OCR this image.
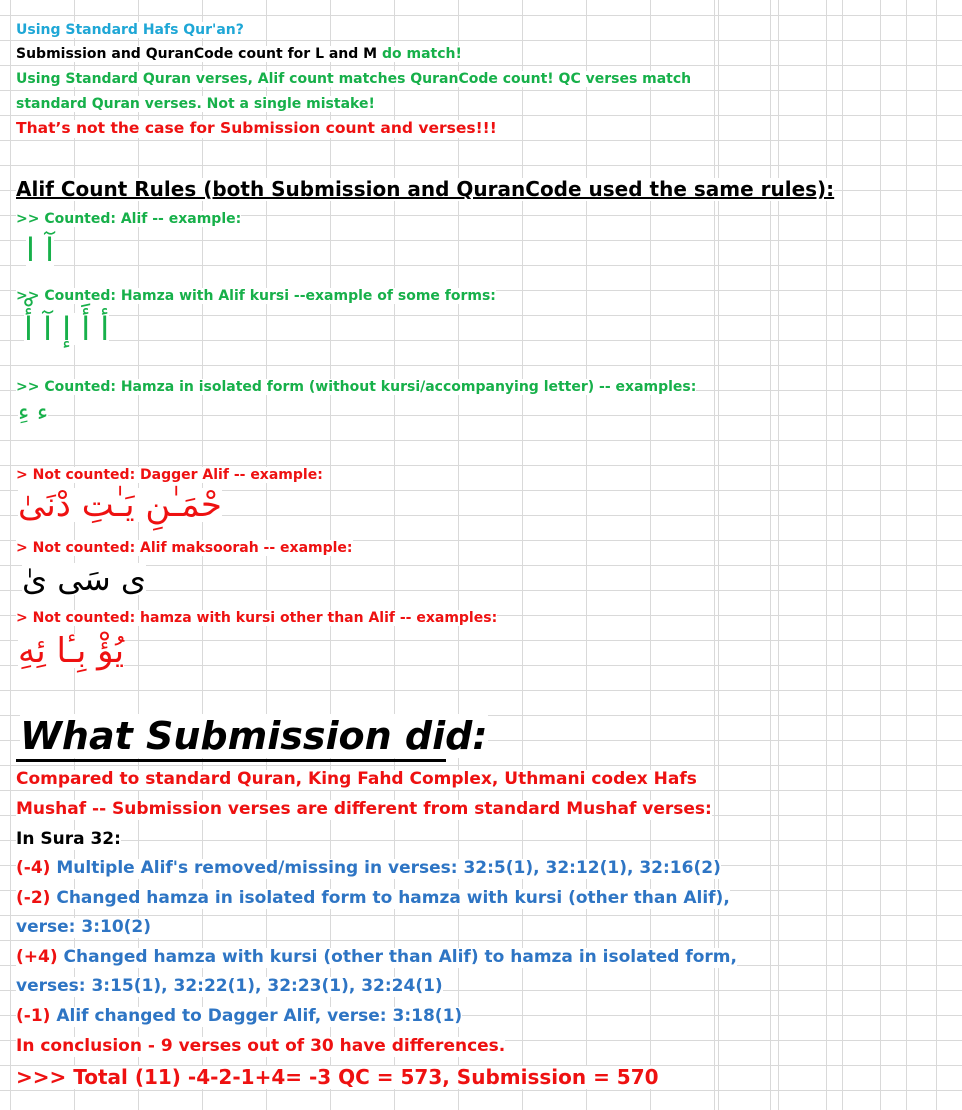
Using Standard Hafs Qur'an?
Submission and QuranCode count for L and M do match!
Using Standard Quran verses, Alif count matches QuranCode count! QC verses match
standard Quran verses. Not a single mistake!
That’s not the case for Submission count and verses!!!
Alif Count Rules (both Submission and QuranCode used the same rules):
>> Counted: Alif -- example:
آ ا
>> Counted: Hamza with Alif kursi --example of some forms:
أ أَ إ آ أْ
>> Counted: Hamza in isolated form (without kursi/accompanying letter) -- examples:
ء ءِ
> Not counted: Dagger Alif -- example:
حْمَـٰنِ يَـٰتِ دْنَىٰ
> Not counted: Alif maksoorah -- example:
ى سَى ىٰ
> Not counted: hamza with kursi other than Alif -- examples:
يُؤْ بِـٔا ئِهِ
What Submission did:
Compared to standard Quran, King Fahd Complex, Uthmani codex Hafs
Mushaf -- Submission verses are different from standard Mushaf verses:
In Sura 32:
(-4) Multiple Alif's removed/missing in verses: 32:5(1), 32:12(1), 32:16(2)
(-2) Changed hamza in isolated form to hamza with kursi (other than Alif),
verse: 3:10(2)
(+4) Changed hamza with kursi (other than Alif) to hamza in isolated form,
verses: 3:15(1), 32:22(1), 32:23(1), 32:24(1)
(-1) Alif changed to Dagger Alif, verse: 3:18(1)
In conclusion - 9 verses out of 30 have differences.
>>> Total (11) -4-2-1+4= -3 QC = 573, Submission = 570
